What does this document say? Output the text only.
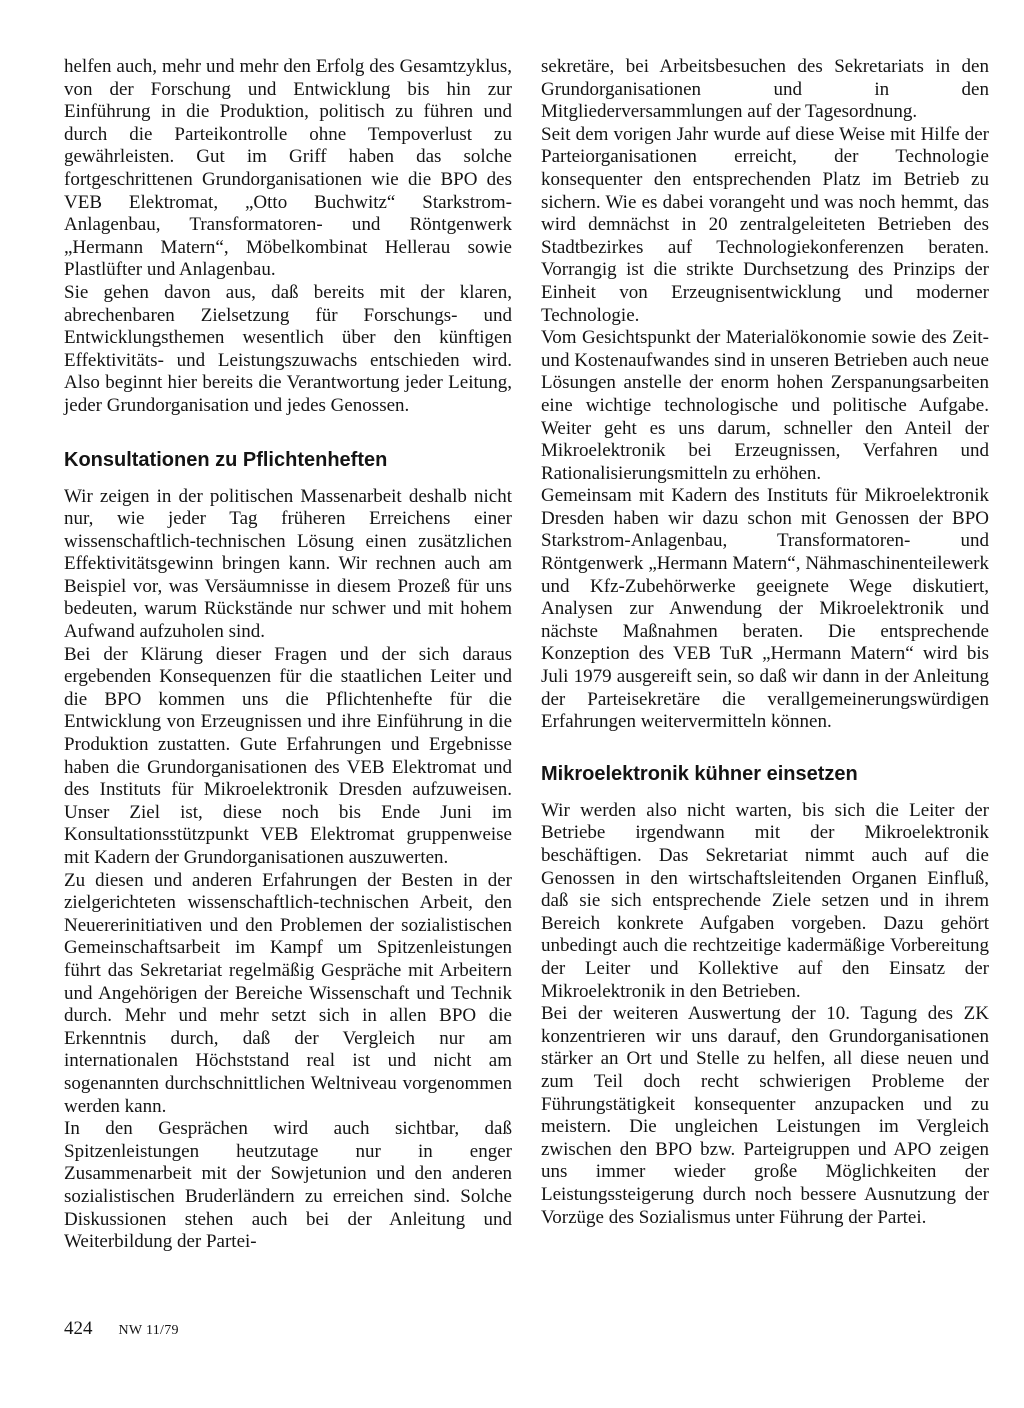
helfen auch, mehr und mehr den Erfolg des Gesamtzyklus, von der Forschung und Entwicklung bis hin zur Einführung in die Produktion, politisch zu führen und durch die Parteikontrolle ohne Tempoverlust zu gewährleisten. Gut im Griff haben das solche fortgeschrittenen Grundorganisationen wie die BPO des VEB Elektromat, „Otto Buchwitz“ Starkstrom-Anlagenbau, Transformatoren- und Röntgenwerk „Hermann Matern“, Möbelkombinat Hellerau sowie Plastlüfter und Anlagenbau.

Sie gehen davon aus, daß bereits mit der klaren, abrechenbaren Zielsetzung für Forschungs- und Entwicklungsthemen wesentlich über den künftigen Effektivitäts- und Leistungszuwachs entschieden wird. Also beginnt hier bereits die Verantwortung jeder Leitung, jeder Grundorganisation und jedes Genossen.

Konsultationen zu Pflichtenheften

Wir zeigen in der politischen Massenarbeit deshalb nicht nur, wie jeder Tag früheren Erreichens einer wissenschaftlich-technischen Lösung einen zusätzlichen Effektivitätsgewinn bringen kann. Wir rechnen auch am Beispiel vor, was Versäumnisse in diesem Prozeß für uns bedeuten, warum Rückstände nur schwer und mit hohem Aufwand aufzuholen sind.

Bei der Klärung dieser Fragen und der sich daraus ergebenden Konsequenzen für die staatlichen Leiter und die BPO kommen uns die Pflichtenhefte für die Entwicklung von Erzeugnissen und ihre Einführung in die Produktion zustatten. Gute Erfahrungen und Ergebnisse haben die Grundorganisationen des VEB Elektromat und des Instituts für Mikroelektronik Dresden aufzuweisen. Unser Ziel ist, diese noch bis Ende Juni im Konsultationsstützpunkt VEB Elektromat gruppenweise mit Kadern der Grundorganisationen auszuwerten.

Zu diesen und anderen Erfahrungen der Besten in der zielgerichteten wissenschaftlich-technischen Arbeit, den Neuererinitiativen und den Problemen der sozialistischen Gemeinschaftsarbeit im Kampf um Spitzenleistungen führt das Sekretariat regelmäßig Gespräche mit Arbeitern und Angehörigen der Bereiche Wissenschaft und Technik durch. Mehr und mehr setzt sich in allen BPO die Erkenntnis durch, daß der Vergleich nur am internationalen Höchststand real ist und nicht am sogenannten durchschnittlichen Weltniveau vorgenommen werden kann.

In den Gesprächen wird auch sichtbar, daß Spitzenleistungen heutzutage nur in enger Zusammenarbeit mit der Sowjetunion und den anderen sozialistischen Bruderländern zu erreichen sind. Solche Diskussionen stehen auch bei der Anleitung und Weiterbildung der Partei-

sekretäre, bei Arbeitsbesuchen des Sekretariats in den Grundorganisationen und in den Mitgliederversammlungen auf der Tagesordnung.

Seit dem vorigen Jahr wurde auf diese Weise mit Hilfe der Parteiorganisationen erreicht, der Technologie konsequenter den entsprechenden Platz im Betrieb zu sichern. Wie es dabei vorangeht und was noch hemmt, das wird demnächst in 20 zentralgeleiteten Betrieben des Stadtbezirkes auf Technologiekonferenzen beraten. Vorrangig ist die strikte Durchsetzung des Prinzips der Einheit von Erzeugnisentwicklung und moderner Technologie.

Vom Gesichtspunkt der Materialökonomie sowie des Zeit- und Kostenaufwandes sind in unseren Betrieben auch neue Lösungen anstelle der enorm hohen Zerspanungsarbeiten eine wichtige technologische und politische Aufgabe. Weiter geht es uns darum, schneller den Anteil der Mikroelektronik bei Erzeugnissen, Verfahren und Rationalisierungsmitteln zu erhöhen.

Gemeinsam mit Kadern des Instituts für Mikroelektronik Dresden haben wir dazu schon mit Genossen der BPO Starkstrom-Anlagenbau, Transformatoren- und Röntgenwerk „Hermann Matern“, Nähmaschinenteilewerk und Kfz-Zubehörwerke geeignete Wege diskutiert, Analysen zur Anwendung der Mikroelektronik und nächste Maßnahmen beraten. Die entsprechende Konzeption des VEB TuR „Hermann Matern“ wird bis Juli 1979 ausgereift sein, so daß wir dann in der Anleitung der Parteisekretäre die verallgemeinerungswürdigen Erfahrungen weitervermitteln können.

Mikroelektronik kühner einsetzen

Wir werden also nicht warten, bis sich die Leiter der Betriebe irgendwann mit der Mikroelektronik beschäftigen. Das Sekretariat nimmt auch auf die Genossen in den wirtschaftsleitenden Organen Einfluß, daß sie sich entsprechende Ziele setzen und in ihrem Bereich konkrete Aufgaben vorgeben. Dazu gehört unbedingt auch die rechtzeitige kadermäßige Vorbereitung der Leiter und Kollektive auf den Einsatz der Mikroelektronik in den Betrieben.

Bei der weiteren Auswertung der 10. Tagung des ZK konzentrieren wir uns darauf, den Grundorganisationen stärker an Ort und Stelle zu helfen, all diese neuen und zum Teil doch recht schwierigen Probleme der Führungstätigkeit konsequenter anzupacken und zu meistern. Die ungleichen Leistungen im Vergleich zwischen den BPO bzw. Parteigruppen und APO zeigen uns immer wieder große Möglichkeiten der Leistungssteigerung durch noch bessere Ausnutzung der Vorzüge des Sozialismus unter Führung der Partei.

424 NW 11/79
